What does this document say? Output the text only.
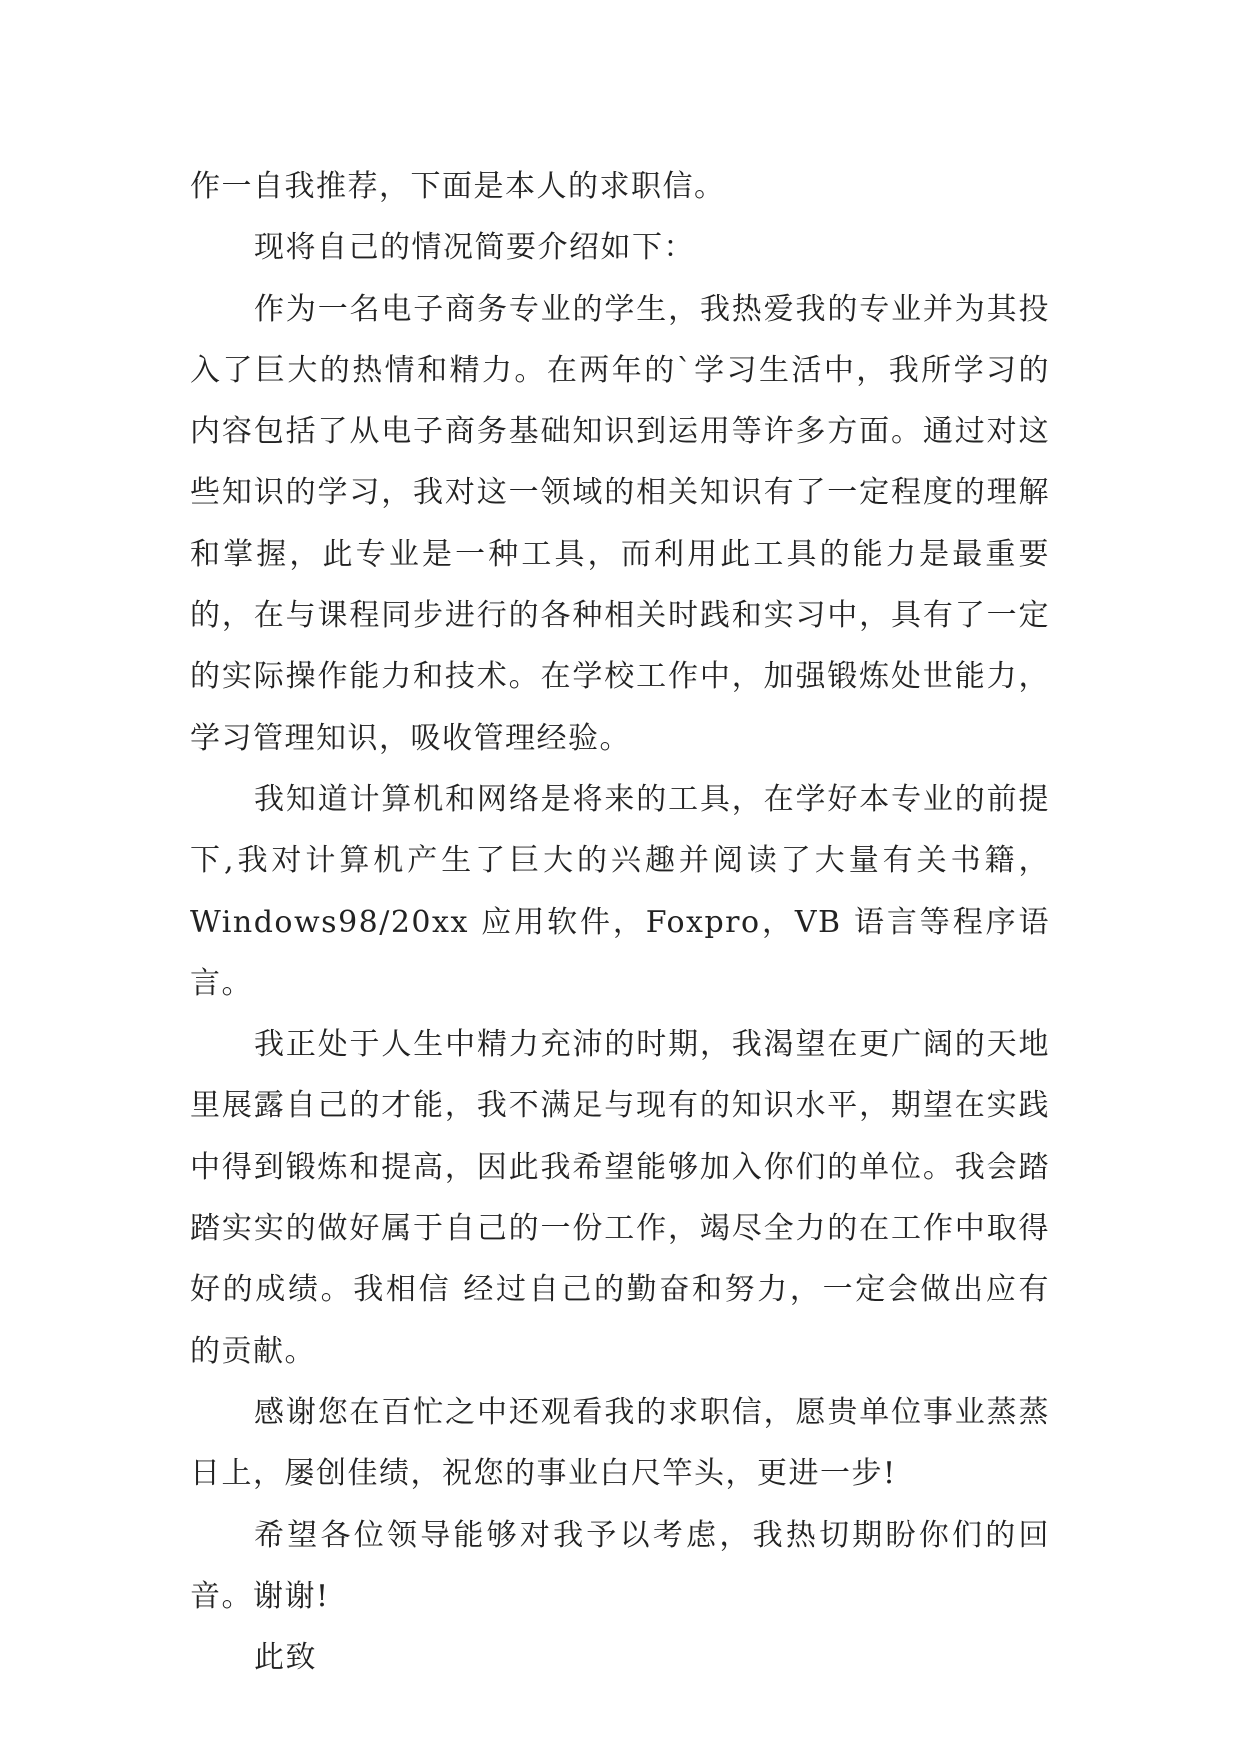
作一自我推荐，下面是本人的求职信。

现将自己的情况简要介绍如下：

作为一名电子商务专业的学生，我热爱我的专业并为其投入了巨大的热情和精力。在两年的`学习生活中，我所学习的内容包括了从电子商务基础知识到运用等许多方面。通过对这些知识的学习，我对这一领域的相关知识有了一定程度的理解和掌握，此专业是一种工具，而利用此工具的能力是最重要的，在与课程同步进行的各种相关时践和实习中，具有了一定的实际操作能力和技术。在学校工作中，加强锻炼处世能力，学习管理知识，吸收管理经验。

我知道计算机和网络是将来的工具，在学好本专业的前提下,我对计算机产生了巨大的兴趣并阅读了大量有关书籍，Windows98/20xx 应用软件，Foxpro，VB 语言等程序语言。

我正处于人生中精力充沛的时期，我渴望在更广阔的天地里展露自己的才能，我不满足与现有的知识水平，期望在实践中得到锻炼和提高，因此我希望能够加入你们的单位。我会踏踏实实的做好属于自己的一份工作，竭尽全力的在工作中取得好的成绩。我相信 经过自己的勤奋和努力，一定会做出应有的贡献。

感谢您在百忙之中还观看我的求职信，愿贵单位事业蒸蒸日上，屡创佳绩，祝您的事业白尺竿头，更进一步!

希望各位领导能够对我予以考虑，我热切期盼你们的回音。谢谢!

此致
